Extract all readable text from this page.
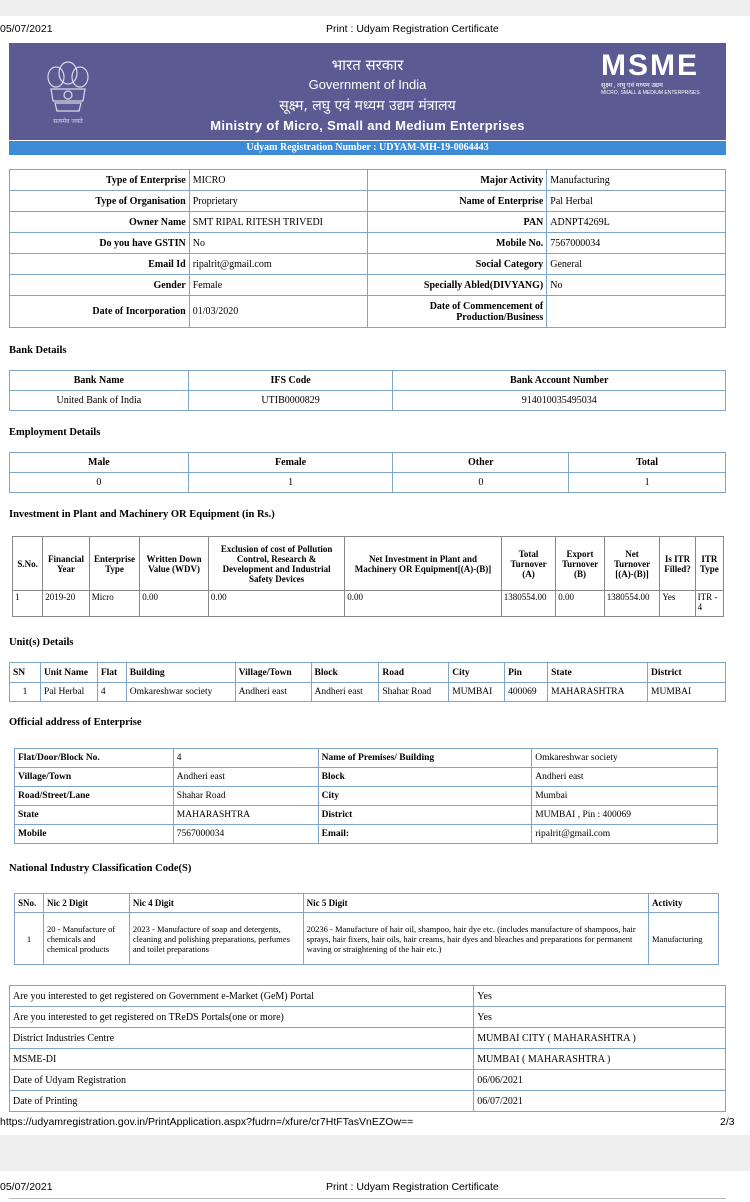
05/07/2021	Print : Udyam Registration Certificate
सत्यमेव जयते
भारत सरकार
Government of India
सूक्ष्म, लघु एवं मध्यम उद्यम मंत्रालय
Ministry of Micro, Small and Medium Enterprises
MSME
सूक्ष्म , लघु एवं मध्यम उद्यम
MICRO, SMALL & MEDIUM ENTERPRISES
Udyam Registration Number : UDYAM-MH-19-0064443
Type of Enterprise	MICRO	Major Activity	Manufacturing
Type of Organisation	Proprietary	Name of Enterprise	Pal Herbal
Owner Name	SMT RIPAL RITESH TRIVEDI	PAN	ADNPT4269L
Do you have GSTIN	No	Mobile No.	7567000034
Email Id	ripalrit@gmail.com	Social Category	General
Gender	Female	Specially Abled(DIVYANG)	No
Date of Incorporation	01/03/2020	Date of Commencement of Production/Business	
Bank Details
Bank Name	IFS Code	Bank Account Number
United Bank of India	UTIB0000829	914010035495034
Employment Details
Male	Female	Other	Total
0	1	0	1
Investment in Plant and Machinery OR Equipment (in Rs.)
S.No.	Financial Year	Enterprise Type	Written Down Value (WDV)	Exclusion of cost of Pollution Control, Research & Development and Industrial Safety Devices	Net Investment in Plant and Machinery OR Equipment[(A)-(B)]	Total Turnover (A)	Export Turnover (B)	Net Turnover [(A)-(B)]	Is ITR Filled?	ITR Type
1	2019-20	Micro	0.00	0.00	0.00	1380554.00	0.00	1380554.00	Yes	ITR - 4
Unit(s) Details
SN	Unit Name	Flat	Building	Village/Town	Block	Road	City	Pin	State	District
1	Pal Herbal	4	Omkareshwar society	Andheri east	Andheri east	Shahar Road	MUMBAI	400069	MAHARASHTRA	MUMBAI
Official address of Enterprise
Flat/Door/Block No.	4	Name of Premises/ Building	Omkareshwar society
Village/Town	Andheri east	Block	Andheri east
Road/Street/Lane	Shahar Road	City	Mumbai
State	MAHARASHTRA	District	MUMBAI , Pin : 400069
Mobile	7567000034	Email:	ripalrit@gmail.com
National Industry Classification Code(S)
SNo.	Nic 2 Digit	Nic 4 Digit	Nic 5 Digit	Activity
1	20 - Manufacture of chemicals and chemical products	2023 - Manufacture of soap and detergents, cleaning and polishing preparations, perfumes and toilet preparations	20236 - Manufacture of hair oil, shampoo, hair dye etc. (includes manufacture of shampoos, hair sprays, hair fixers, hair oils, hair creams, hair dyes and bleaches and preparations for permanent waving or straightening of the hair etc.)	Manufacturing
Are you interested to get registered on Government e-Market (GeM) Portal	Yes
Are you interested to get registered on TReDS Portals(one or more)	Yes
District Industries Centre	MUMBAI CITY ( MAHARASHTRA )
MSME-DI	MUMBAI ( MAHARASHTRA )
Date of Udyam Registration	06/06/2021
Date of Printing	06/07/2021
https://udyamregistration.gov.in/PrintApplication.aspx?fudrn=/xfure/cr7HtFTasVnEZOw==	2/3
05/07/2021	Print : Udyam Registration Certificate
